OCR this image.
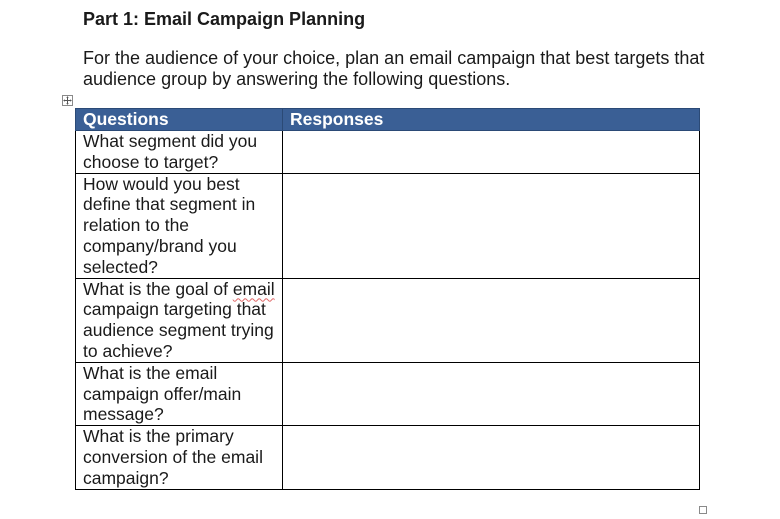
Part 1: Email Campaign Planning

For the audience of your choice, plan an email campaign that best targets that audience group by answering the following questions.

Questions	Responses
What segment did you choose to target?	
How would you best define that segment in relation to the company/brand you selected?	
What is the goal of email campaign targeting that audience segment trying to achieve?	
What is the email campaign offer/main message?	
What is the primary conversion of the email campaign?	
